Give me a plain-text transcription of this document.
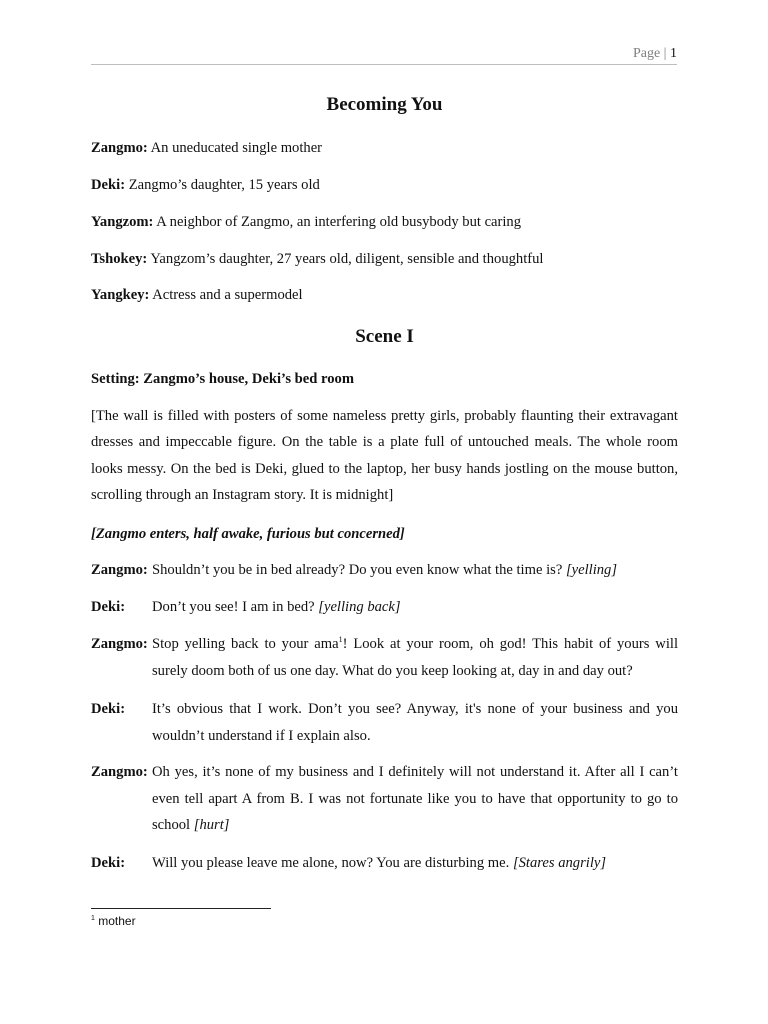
Page | 1
Becoming You
Zangmo: An uneducated single mother
Deki: Zangmo’s daughter, 15 years old
Yangzom: A neighbor of Zangmo, an interfering old busybody but caring
Tshokey: Yangzom’s daughter, 27 years old, diligent, sensible and thoughtful
Yangkey: Actress and a supermodel
Scene I
Setting: Zangmo’s house, Deki’s bed room
[The wall is filled with posters of some nameless pretty girls, probably flaunting their extravagant dresses and impeccable figure. On the table is a plate full of untouched meals. The whole room looks messy. On the bed is Deki, glued to the laptop, her busy hands jostling on the mouse button, scrolling through an Instagram story. It is midnight]
[Zangmo enters, half awake, furious but concerned]
Zangmo: Shouldn’t you be in bed already? Do you even know what the time is? [yelling]
Deki: Don’t you see! I am in bed? [yelling back]
Zangmo: Stop yelling back to your ama$^1$! Look at your room, oh god! This habit of yours will surely doom both of us one day. What do you keep looking at, day in and day out?
Deki: It’s obvious that I work. Don’t you see? Anyway, it's none of your business and you wouldn’t understand if I explain also.
Zangmo: Oh yes, it’s none of my business and I definitely will not understand it. After all I can’t even tell apart A from B. I was not fortunate like you to have that opportunity to go to school [hurt]
Deki: Will you please leave me alone, now? You are disturbing me. [Stares angrily]
$^1$ mother
